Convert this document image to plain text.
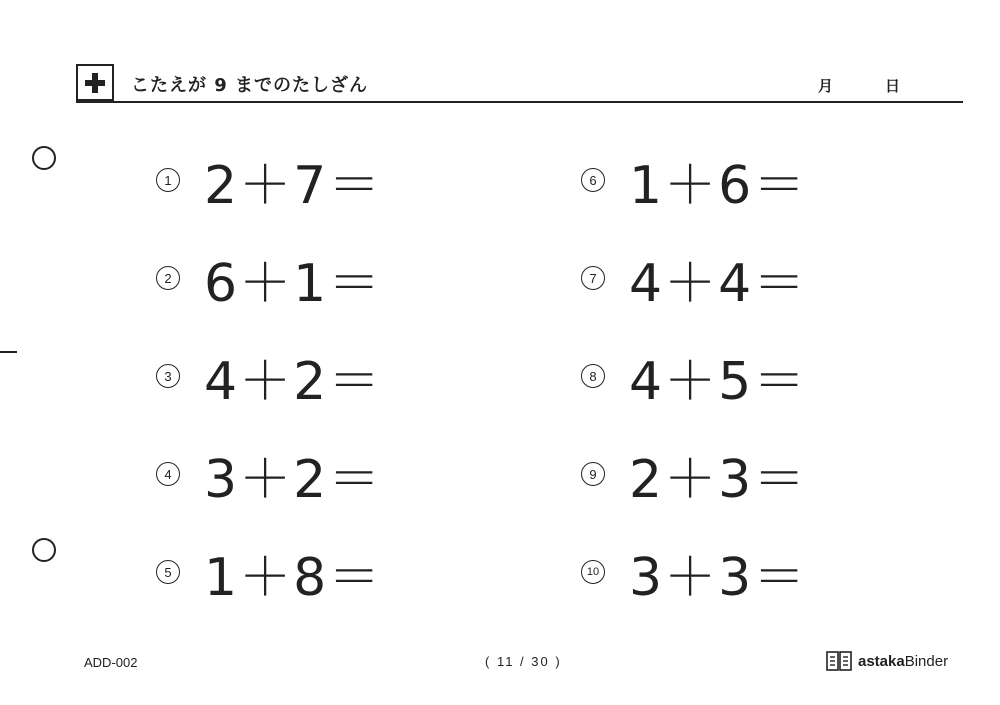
こたえが 9 までのたしざん	月	日
1 2＋7＝
2 6＋1＝
3 4＋2＝
4 3＋2＝
5 1＋8＝
6 1＋6＝
7 4＋4＝
8 4＋5＝
9 2＋3＝
10 3＋3＝
ADD-002	( 11 / 30 )	astakaBinder
